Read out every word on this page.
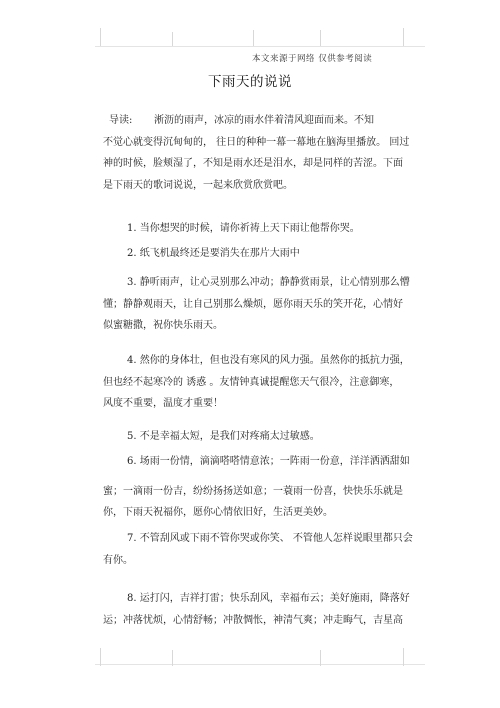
本文来源于网络 仅供参考阅读
下雨天的说说

导读: 淅沥的雨声，冰凉的雨水伴着清风迎面而来。不知

不觉心就变得沉甸甸的， 往日的种种一幕一幕地在脑海里播放。 回过

神的时候，脸颊湿了，不知是雨水还是泪水，却是同样的苦涩。下面

是下雨天的歌词说说，一起来欣赏欣赏吧。

1. 当你想哭的时候，请你祈祷上天下雨让他帮你哭。

2. 纸飞机最终还是要消失在那片大雨中

3. 静听雨声，让心灵别那么冲动；静静赏雨景，让心情别那么懵

懂；静静观雨天，让自己别那么燥烦，愿你雨天乐的笑开花，心情好

似蜜糖撒，祝你快乐雨天。

4. 然你的身体壮，但也没有寒风的风力强。虽然你的抵抗力强，

但也经不起寒冷的 诱惑 。友情钟真诚提醒您天气很冷，注意御寒，

风度不重要，温度才重要！

5. 不是幸福太短，是我们对疼痛太过敏感。

6. 场雨一份情，滴滴嗒嗒情意浓；一阵雨一份意，洋洋洒洒甜如

蜜；一滴雨一份吉，纷纷扬扬送如意；一蓑雨一份喜，快快乐乐就是

你，下雨天祝福你，愿你心情依旧好，生活更美妙。

7. 不管刮风或下雨不管你哭或你笑、 不管他人怎样说眼里都只会

有你。

8. 运打闪，吉祥打雷；快乐刮风，幸福布云；美好施雨，降落好

运；冲落忧烦，心情舒畅；冲散惆怅，神清气爽；冲走晦气，吉星高
